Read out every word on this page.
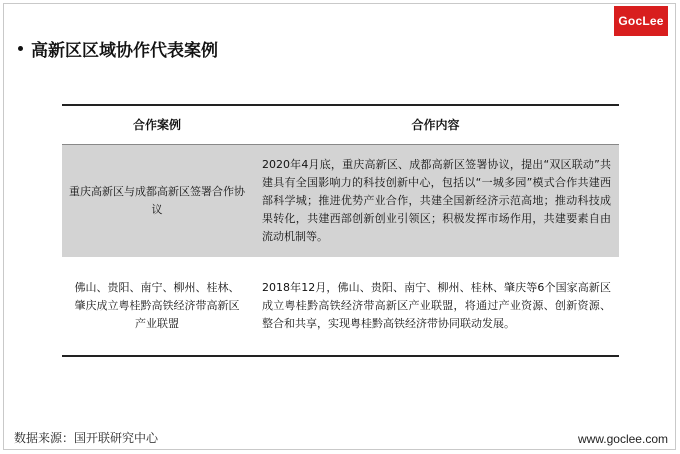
GocLee
高新区区域协作代表案例
合作案例	合作内容
重庆高新区与成都高新区签署合作协议	2020年4月底，重庆高新区、成都高新区签署协议，提出“双区联动”共建具有全国影响力的科技创新中心，包括以“一城多园”模式合作共建西部科学城；推进优势产业合作，共建全国新经济示范高地；推动科技成果转化，共建西部创新创业引领区；积极发挥市场作用，共建要素自由流动机制等。
佛山、贵阳、南宁、柳州、桂林、肇庆成立粤桂黔高铁经济带高新区产业联盟	2018年12月，佛山、贵阳、南宁、柳州、桂林、肇庆等6个国家高新区成立粤桂黔高铁经济带高新区产业联盟，将通过产业资源、创新资源、整合和共享，实现粤桂黔高铁经济带协同联动发展。
数据来源：国开联研究中心	www.goclee.com
